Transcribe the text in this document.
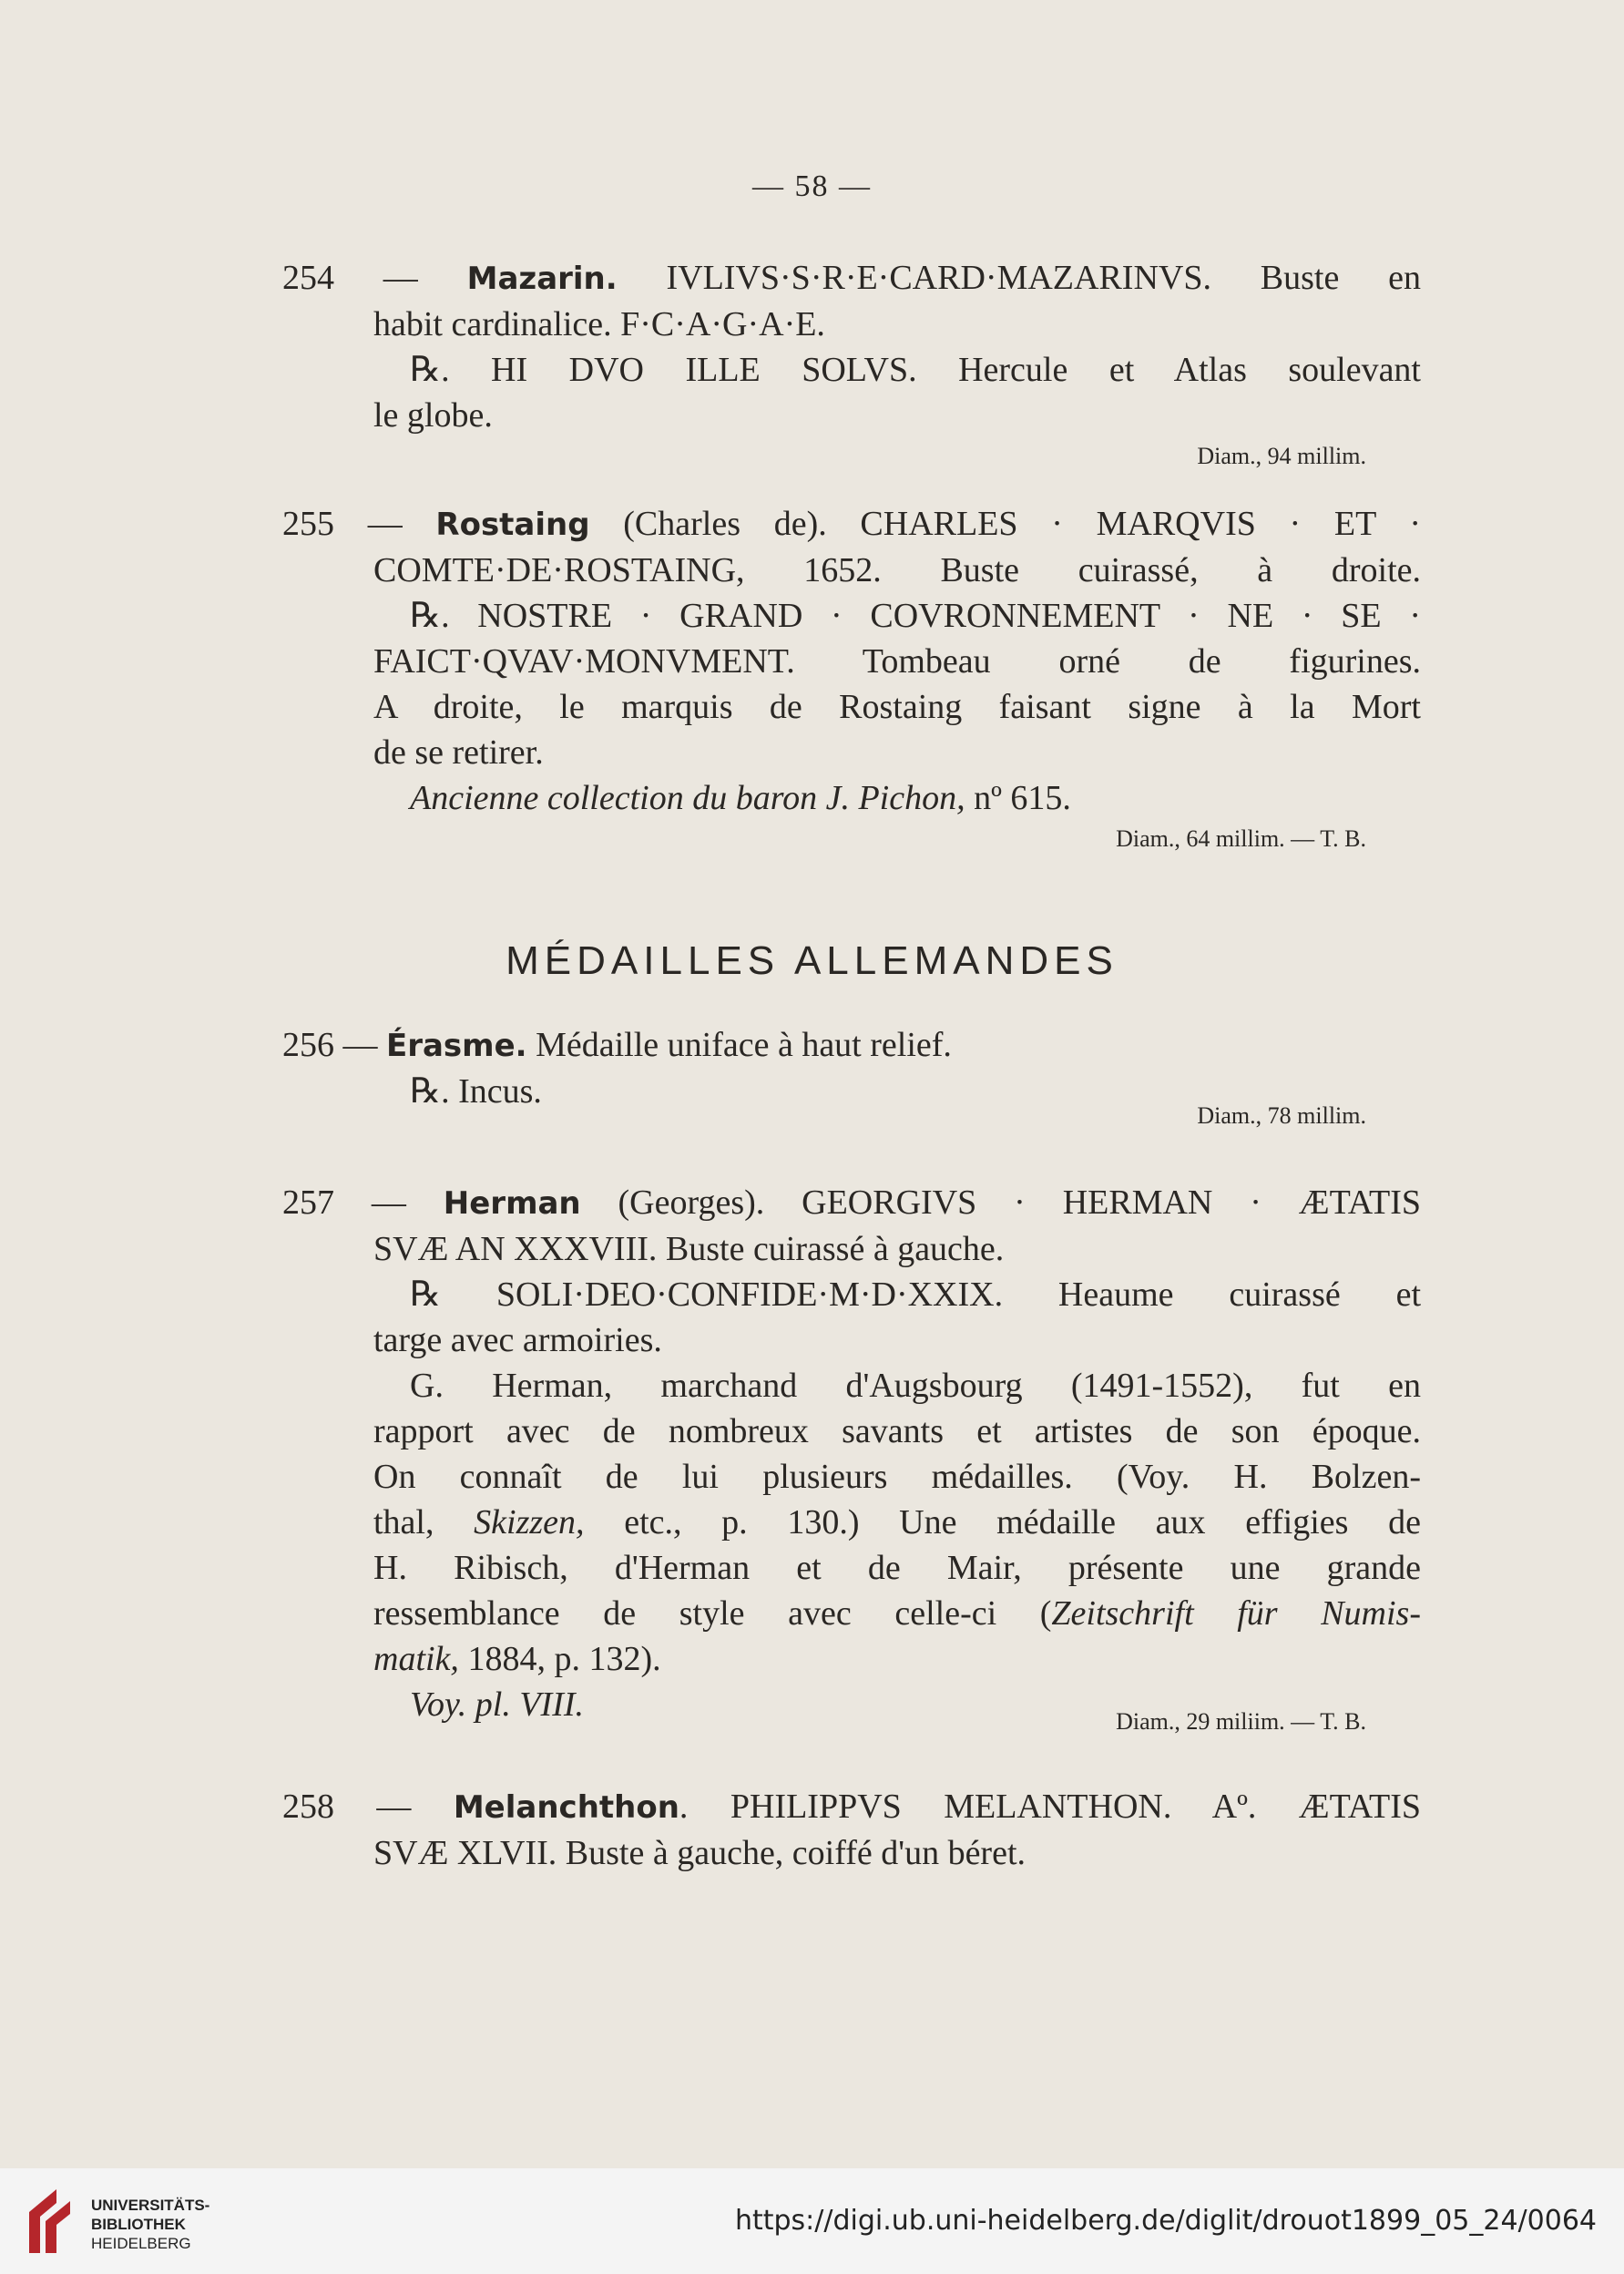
— 58 —
254 — Mazarin. IVLIVS·S·R·E·CARD·MAZARINVS. Buste en
habit cardinalice. F·C·A·G·A·E.
℞. HI DVO ILLE SOLVS. Hercule et Atlas soulevant
le globe.
Diam., 94 millim.
255 — Rostaing (Charles de). CHARLES · MARQVIS · ET ·
COMTE·DE·ROSTAING, 1652. Buste cuirassé, à droite.
℞. NOSTRE · GRAND · COVRONNEMENT · NE · SE ·
FAICT·QVAV·MONVMENT. Tombeau orné de figurines.
A droite, le marquis de Rostaing faisant signe à la Mort
de se retirer.
Ancienne collection du baron J. Pichon, nº 615.
Diam., 64 millim. — T. B.
MÉDAILLES ALLEMANDES
256 — Érasme. Médaille uniface à haut relief.
℞. Incus.
Diam., 78 millim.
257 — Herman (Georges). GEORGIVS · HERMAN · ÆTATIS
SVÆ AN XXXVIII. Buste cuirassé à gauche.
℞ SOLI·DEO·CONFIDE·M·D·XXIX. Heaume cuirassé et
targe avec armoiries.
G. Herman, marchand d'Augsbourg (1491-1552), fut en
rapport avec de nombreux savants et artistes de son époque.
On connaît de lui plusieurs médailles. (Voy. H. Bolzen-
thal, Skizzen, etc., p. 130.) Une médaille aux effigies de
H. Ribisch, d'Herman et de Mair, présente une grande
ressemblance de style avec celle-ci (Zeitschrift für Numis-
matik, 1884, p. 132).
Voy. pl. VIII.	Diam., 29 miliim. — T. B.
258 — Melanchthon. PHILIPPVS MELANTHON. Aº. ÆTATIS
SVÆ XLVII. Buste à gauche, coiffé d'un béret.
UNIVERSITÄTS-
BIBLIOTHEK
HEIDELBERG
https://digi.ub.uni-heidelberg.de/diglit/drouot1899_05_24/0064
